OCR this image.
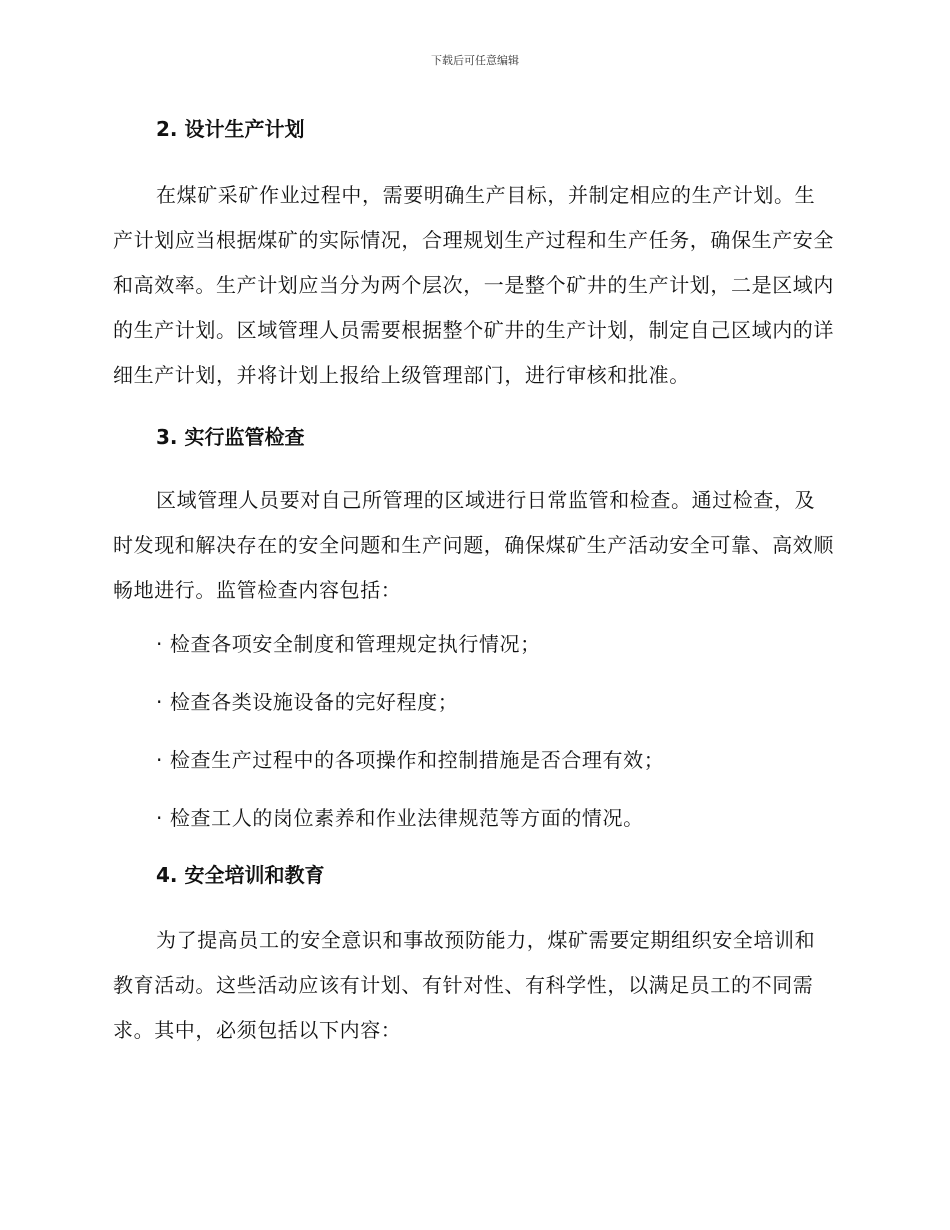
下载后可任意编辑
2. 设计生产计划

在煤矿采矿作业过程中，需要明确生产目标，并制定相应的生产计划。生产计划应当根据煤矿的实际情况，合理规划生产过程和生产任务，确保生产安全和高效率。生产计划应当分为两个层次，一是整个矿井的生产计划，二是区域内的生产计划。区域管理人员需要根据整个矿井的生产计划，制定自己区域内的详细生产计划，并将计划上报给上级管理部门，进行审核和批准。

3. 实行监管检查

区域管理人员要对自己所管理的区域进行日常监管和检查。通过检查，及时发现和解决存在的安全问题和生产问题，确保煤矿生产活动安全可靠、高效顺畅地进行。监管检查内容包括：

· 检查各项安全制度和管理规定执行情况；

· 检查各类设施设备的完好程度；

· 检查生产过程中的各项操作和控制措施是否合理有效；

· 检查工人的岗位素养和作业法律规范等方面的情况。

4. 安全培训和教育

为了提高员工的安全意识和事故预防能力，煤矿需要定期组织安全培训和教育活动。这些活动应该有计划、有针对性、有科学性，以满足员工的不同需求。其中，必须包括以下内容：
